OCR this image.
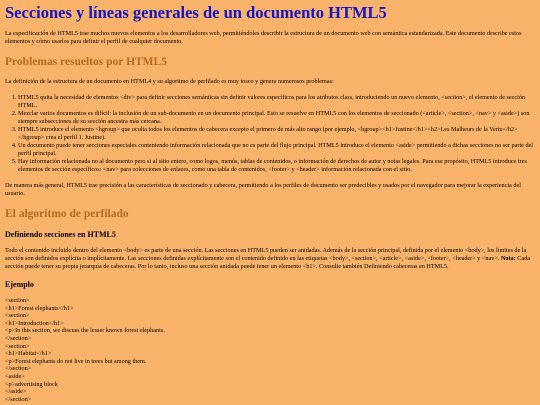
Secciones y líneas generales de un documento HTML5

La especificación de HTML5 trae muchos nuevos elementos a los desarrolladores web, permitiéndoles describir la estructura de un documento web con semántica estandarizada. Este documento describe estos elementos y cómo usarlos para definir el perfil de cualquier documento.

Problemas resueltos por HTML5

La definición de la estructura de un documento en HTML4 y su algoritmo de perfilado es muy tosco y genera numerosos problemas:

1. HTML5 quita la necesidad de elementos <div> para definir secciones semánticas sin definir valores específicos para los atributos class, introduciendo un nuevo elemento, <section>, el elemento de sección HTML.
2. Mezclar varios documentos es difícil: la inclusión de un sub-documento en un documento principal. Esto se resuelve en HTML5 con los elementos de seccionado (<article>, <section>, <nav> y <aside>) son siempre subsecciones de su sección ancestra más cercana.
3. HTML5 introduce el elemento <hgroup> que oculta todos los elementos de cabecera excepto el primero de más alto rango (por ejemplo, <hgroup><h1>Justine</h1><h2>Les Malheurs de la Vertu</h2></hgroup> crea el perfil 1. Justine).
4. Un documento puede tener secciones especiales conteniendo información relacionada que no es parte del flujo principal. HTML5 introduce el elemento <aside> permitiendo a dichas secciones no ser parte del perfil principal.
5. Hay información relacionada no al documento pero si al sitio entero, como logos, menús, tablas de contenidos, o información de derechos de autor y notas legales. Para ese propósito, HTML5 introduce tres elementos de sección específicos: <nav> para colecciones de enlaces, como una tabla de contenidos, <footer> y <header> información relacionada con el sitio.

De manera más general, HTML5 trae precisión a las características de seccionado y cabecera, permitiendo a los perfiles de documento ser predecibles y usados por el navegador para mejorar la experiencia del usuario.

El algoritmo de perfilado
Definiendo secciones en HTML5

Todo el contenido incluido dentro del elemento <body> es parte de una sección. Las secciones en HTML5 pueden ser anidadas. Además de la sección principal, definida por el elemento <body>, los límites de la sección son definidos explícita o implícitamente. Las secciones definidas explícitamente son el contenido definido en las etiquetas <body>, <section>, <article>, <aside>, <footer>, <header> y <nav>. Nota: Cada sección puede tener su propia jerarquía de cabeceras. Por lo tanto, incluso una sección anidada puede tener un elemento <h1>. Consulte también Definiendo cabeceras en HTML5.

Ejemplo
<section>
<h1>Forest elephants</h1>
<section>
<h1>Introduction</h1>
<p>In this section, we discuss the lesser known forest elephants.
</section>
<section>
<h1>Habitat</h1>
<p>Forest elephants do not live in trees but among them.
</section>
<aside>
<p>advertising block
</aside>
</section>
